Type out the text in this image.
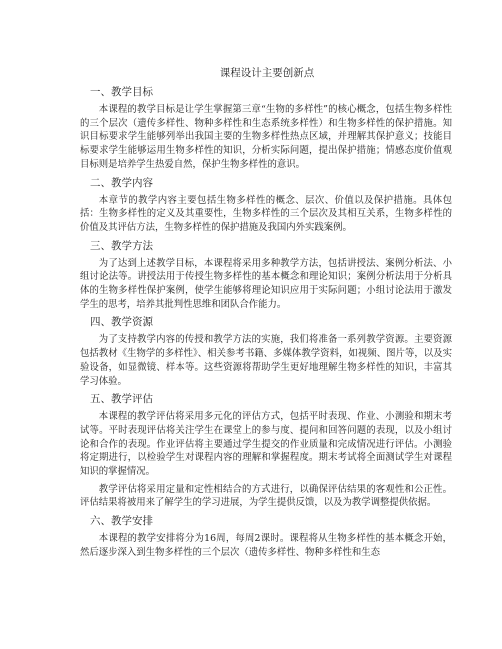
课程设计主要创新点
一、教学目标

本课程的教学目标是让学生掌握第三章“生物的多样性”的核心概念，包括生物多样性的三个层次（遗传多样性、物种多样性和生态系统多样性）和生物多样性的保护措施。知识目标要求学生能够列举出我国主要的生物多样性热点区域，并理解其保护意义；技能目标要求学生能够运用生物多样性的知识，分析实际问题，提出保护措施；情感态度价值观目标则是培养学生热爱自然，保护生物多样性的意识。

二、教学内容

本章节的教学内容主要包括生物多样性的概念、层次、价值以及保护措施。具体包括：生物多样性的定义及其重要性，生物多样性的三个层次及其相互关系，生物多样性的价值及其评估方法，生物多样性的保护措施及我国内外实践案例。

三、教学方法

为了达到上述教学目标，本课程将采用多种教学方法，包括讲授法、案例分析法、小组讨论法等。讲授法用于传授生物多样性的基本概念和理论知识；案例分析法用于分析具体的生物多样性保护案例，使学生能够将理论知识应用于实际问题；小组讨论法用于激发学生的思考，培养其批判性思维和团队合作能力。

四、教学资源

为了支持教学内容的传授和教学方法的实施，我们将准备一系列教学资源。主要资源包括教材《生物学的多样性》、相关参考书籍、多媒体教学资料，如视频、图片等，以及实验设备，如显微镜、样本等。这些资源将帮助学生更好地理解生物多样性的知识，丰富其学习体验。

五、教学评估

本课程的教学评估将采用多元化的评估方式，包括平时表现、作业、小测验和期末考试等。平时表现评估将关注学生在课堂上的参与度、提问和回答问题的表现，以及小组讨论和合作的表现。作业评估将主要通过学生提交的作业质量和完成情况进行评估。小测验将定期进行，以检验学生对课程内容的理解和掌握程度。期末考试将全面测试学生对课程知识的掌握情况。

教学评估将采用定量和定性相结合的方式进行，以确保评估结果的客观性和公正性。评估结果将被用来了解学生的学习进展，为学生提供反馈，以及为教学调整提供依据。

六、教学安排

本课程的教学安排将分为16周，每周2课时。课程将从生物多样性的基本概念开始，然后逐步深入到生物多样性的三个层次（遗传多样性、物种多样性和生态
